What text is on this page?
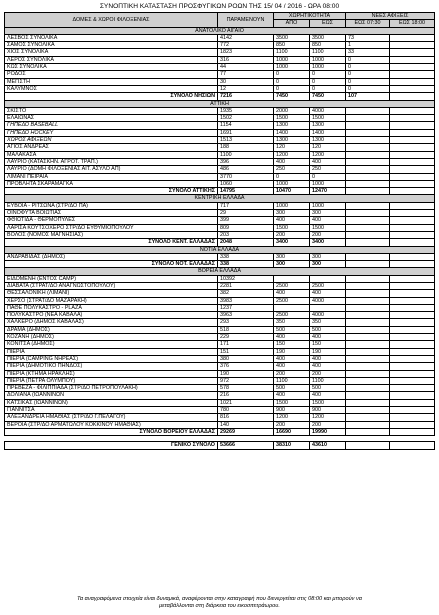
ΣΥΝΟΠΤΙΚΗ ΚΑΤΑΣΤΑΣΗ ΠΡΟΣΦΥΓΙΚΩΝ ΡΟΩΝ ΤΗΣ 15/ 04 / 2016 - ΩΡΑ 08:00
ΔΟΜΕΣ & ΧΩΡΟΙ ΦΙΛΟΞΕΝΙΑΣ	ΠΑΡΑΜΕΝΟΥΝ	ΧΩΡΗΤΙΚΟΤΗΤΑ		ΝΕΕΣ ΑΦΙΞΕΙΣ	
		ΑΠΟ	ΕΩΣ	ΕΩΣ 07:30	ΕΩΣ 18:00
ΑΝΑΤΟΛΙΚΟ ΑΙΓΑΙΟ					
ΛΕΣΒΟΣ ΣΥΝΟΛΙΚΑ	4142	3500	3500	73	
ΣΑΜΟΣ ΣΥΝΟΛΙΚΑ	772	850	850	1	
ΧΙΟΣ ΣΥΝΟΛΙΚΑ	1823	1100	1100	33	
ΛΕΡΟΣ ΣΥΝΟΛΙΚΑ	316	1000	1000	0	
ΚΩΣ ΣΥΝΟΛΙΚΑ	44	1000	1000	0	
ΡΟΔΟΣ	77	0	0	0	
ΜΕΓΙΣΤΗ	30	0	0	0	
ΚΑΛΥΜΝΟΣ	12	0	0	0	
ΣΥΝΟΛΟ ΝΗΣΙΩΝ	7216	7450	7450	107	
ΑΤΤΙΚΗ					
ΣΚΙΣΤΟ	1935	2000	4000		
ΕΛΑΙΩΝΑΣ	1502	1500	1500		
ΓΗΠΕΔΟ BASEBALL	1154	1300	1300		
ΓΗΠΕΔΟ HOCKEY	1691	1400	1400		
ΧΩΡΟΣ ΑΦΙΞΕΩΝ	1513	1300	1300		
ΑΓΙΟΣ ΑΝΔΡΕΑΣ	188	120	120		
ΜΑΛΑΚΑΣΑ	1100	1200	1200		
ΛΑΥΡΙΟ (ΚΑΤΑΣΚΗΝ. ΑΓΡΟΤ. ΤΡΑΠ.)	396	400	400		
ΛΑΥΡΙΟ (ΔΟΜΗ ΦΙΛΟΞΕΝΙΑΣ ΑΙΤ. ΑΣΥΛΟ ΑΠ)	486	250	250		
ΛΙΜΑΝΙ ΠΕΙΡΑΙΑ	3770	0	0		
ΠΡΟΒΛΗΤΑ ΣΚΑΡΑΜΑΓΚΑ	1060	1000	1000		
ΣΥΝΟΛΟ ΑΤΤΙΚΗΣ	14795	10470	12470		
ΚΕΝΤΡΙΚΗ ΕΛΛΑΔΑ					
ΕΥΒΟΙΑ - ΡΙΤΣΩΝΑ (ΣΤΡ/ΔΟ ΠΑ)	717	1000	1000		
ΟΙΝΟΦΥΤΑ ΒΟΙΩΤΙΑΣ	29	300	300		
ΦΘΙΩΤΙΔΑ - ΘΕΡΜΟΠΥΛΕΣ	399	400	400		
ΛΑΡΙΣΑ ΚΟΥΤΣΟΧΕΡΟ ΣΤΡ/ΔΟ ΕΥΘΥΜΙΟΠΟΥΛΟΥ	809	1500	1500		
ΒΟΛΟΣ (ΝΟΜΟΣ ΜΑΓΝΗΣΙΑΣ)	203	200	200		
ΣΥΝΟΛΟ ΚΕΝΤ. ΕΛΛΑΔΑΣ	2048	3400	3400		
ΝΟΤΙΑ ΕΛΛΑΔΑ					
ΑΝΔΡΑΒΙΔΑΣ (ΔΗΜΟΣ)	338	300	300		
ΣΥΝΟΛΟ ΝΟΤ. ΕΛΛΑΔΑΣ	338	300	300		
ΒΟΡΕΙΑ ΕΛΛΑΔΑ					
ΕΙΔΟΜΕΝΗ (ΕΝΤΟΣ CAMP)	10392				
ΔΙΑΒΑΤΑ (ΣΤΡΑΤ/ΔΟ ΑΝΑΓΝΩΣΤΟΠΟΥΛΟΥ)	2281	2500	2500		
ΘΕΣΣΑΛΟΝΙΚΗ (ΛΙΜΑΝΙ)	382	400	400		
ΧΕΡΣΟ (ΣΤΡΑΤ/ΔΟ ΜΑΖΑΡΑΚΗ)	3983	2500	4000		
ΠΑΘΕ ΠΟΛΥΚΑΣΤΡΟ - PLAZA	1237				
ΠΟΛΥΚΑΣΤΡΟ (ΝΕΑ ΚΑΒΑΛΑ)	3963	2500	4000		
ΧΑΛΚΕΡΟ (ΔΗΜΟΣ ΚΑΒΑΛΑΣ)	293	350	350		
ΔΡΑΜΑ (ΔΗΜΟΣ)	518	500	500		
ΚΟΖΑΝΗ (ΔΗΜΟΣ)	229	400	400		
ΚΟΝΙΤΣΑ (ΔΗΜΟΣ)	171	150	150		
ΠΙΕΡΙΑ	151	190	190		
ΠΙΕΡΙΑ (CAMPING ΝΗΡΕΑΣ)	380	400	400		
ΠΙΕΡΙΑ (ΔΗΜΟΤΙΚΟ ΠΗΝΔΟΣ)	376	400	400		
ΠΙΕΡΙΑ (ΚΤΗΜΑ ΗΡΑΚΛΗΣ)	190	200	200		
ΠΙΕΡΙΑ (ΠΕΤΡΑ ΟΛΥΜΠΟΥ)	972	1100	1100		
ΠΡΕΒΕΖΑ - ΦΙΛΙΠΠΙΑΔΑ (ΣΤΡ/ΔΟ ΠΕΤΡΟΠΟΥΛΑΚΗ)	578	500	500		
ΔΟΛΙΑΝΑ (ΙΩΑΝΝΙΝΩΝ	216	400	400		
ΚΑΤΣΙΚΑΣ (ΙΩΑΝΝΙΝΩΝ)	1021	1500	1500		
ΓΙΑΝΝΙΤΣΑ	780	900	900		
ΑΛΕΞΑΝΔΡΕΙΑ ΗΜΑΘΙΑΣ (ΣΤΡ/ΔΟ Γ.ΠΕΛΑΓΟΥ)	816	1200	1200		
ΒΕΡΟΙΑ (ΣΤΡ/ΔΟ ΑΡΜΑΤΩΛΟΥ ΚΟΚΚΙΝΟΥ ΗΜΑΘΙΑΣ)	140	200	200		
ΣΥΝΟΛΟ ΒΟΡΕΙΟΥ ΕΛΛΑΔΑΣ	29269	16690	19990		

ΓΕΝΙΚΟ ΣΥΝΟΛΟ	53666	38310	43610		
Τα αναγραφόμενα στοιχεία είναι δυναμικά, αναφέρονται στην καταγραφή που διενεργείται στις 08:00 και μπορούν να
μεταβάλλονται στη διάρκεια του εικοσιτετράωρου.
